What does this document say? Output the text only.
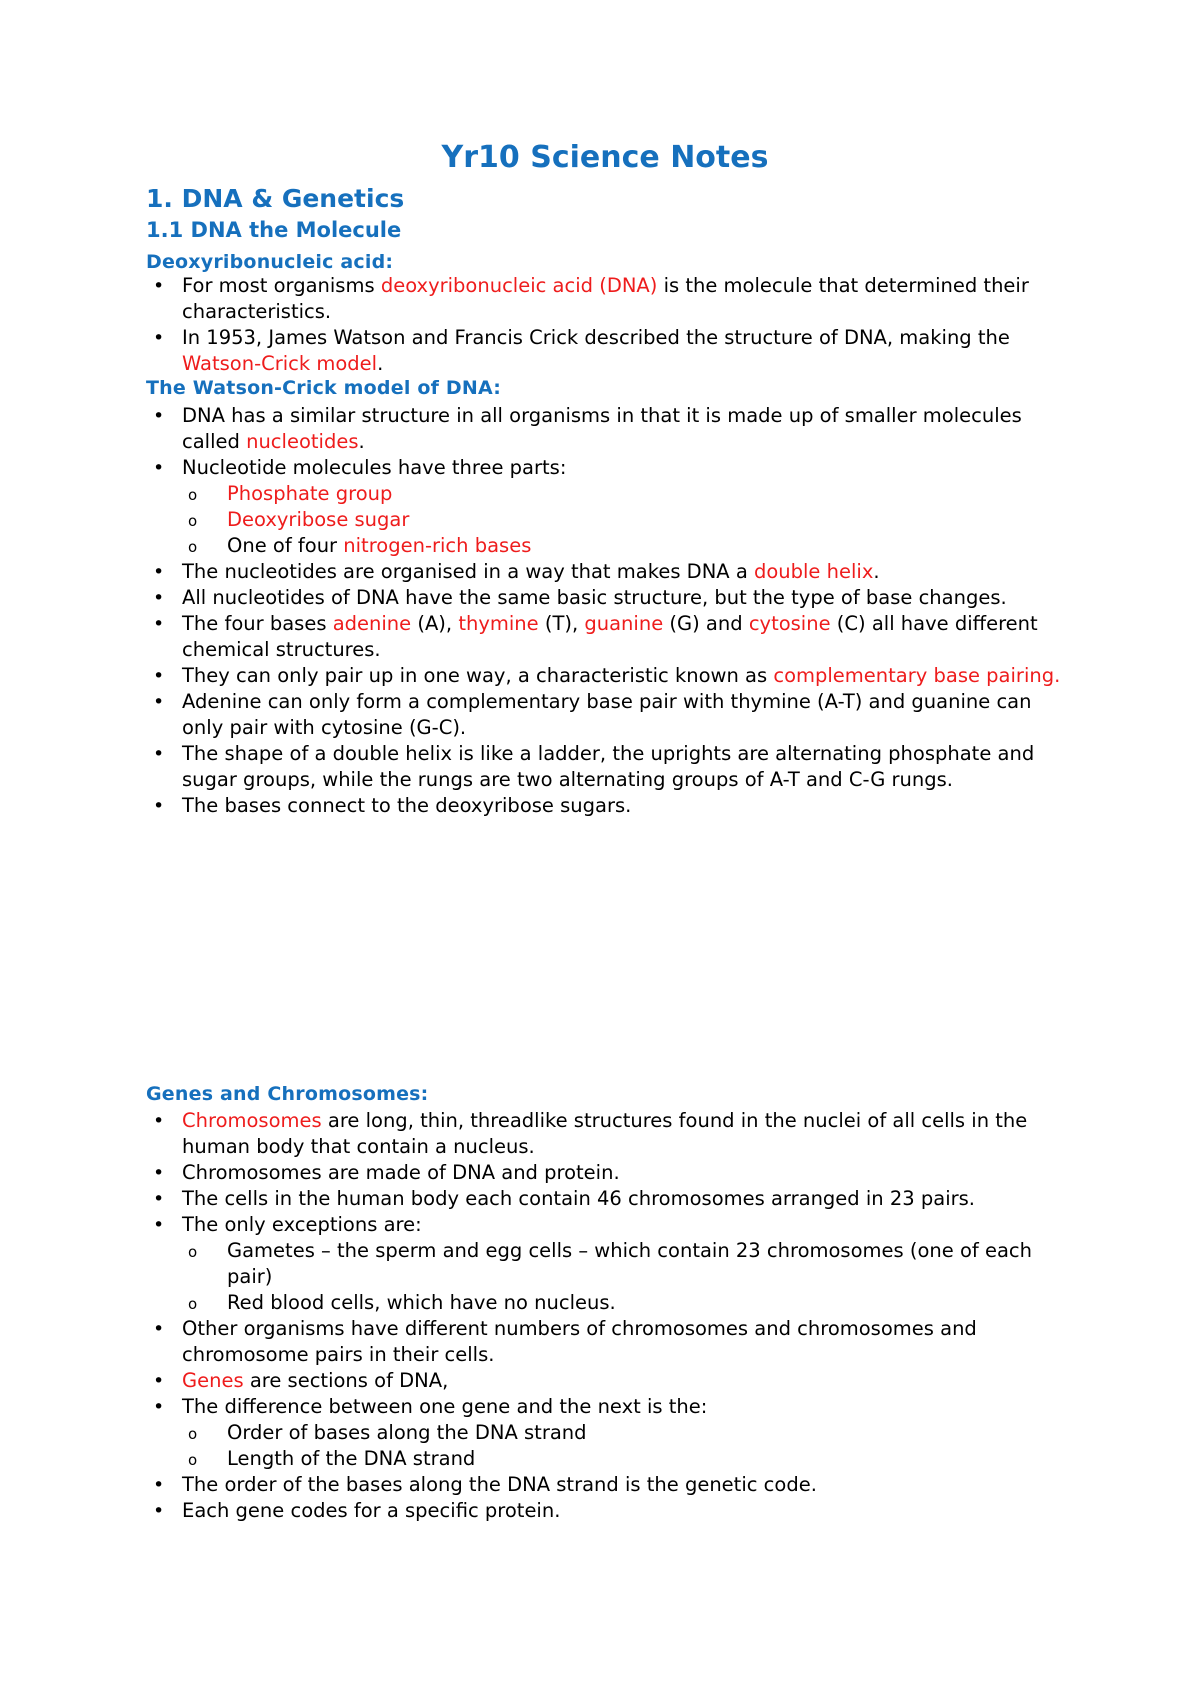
Yr10 Science Notes
1. DNA & Genetics
1.1 DNA the Molecule
Deoxyribonucleic acid:
• For most organisms deoxyribonucleic acid (DNA) is the molecule that determined their characteristics.
• In 1953, James Watson and Francis Crick described the structure of DNA, making the Watson-Crick model.
The Watson-Crick model of DNA:
• DNA has a similar structure in all organisms in that it is made up of smaller molecules called nucleotides.
• Nucleotide molecules have three parts:
o Phosphate group
o Deoxyribose sugar
o One of four nitrogen-rich bases
• The nucleotides are organised in a way that makes DNA a double helix.
• All nucleotides of DNA have the same basic structure, but the type of base changes.
• The four bases adenine (A), thymine (T), guanine (G) and cytosine (C) all have different chemical structures.
• They can only pair up in one way, a characteristic known as complementary base pairing.
• Adenine can only form a complementary base pair with thymine (A-T) and guanine can only pair with cytosine (G-C).
• The shape of a double helix is like a ladder, the uprights are alternating phosphate and sugar groups, while the rungs are two alternating groups of A-T and C-G rungs.
• The bases connect to the deoxyribose sugars.
Genes and Chromosomes:
• Chromosomes are long, thin, threadlike structures found in the nuclei of all cells in the human body that contain a nucleus.
• Chromosomes are made of DNA and protein.
• The cells in the human body each contain 46 chromosomes arranged in 23 pairs.
• The only exceptions are:
o Gametes – the sperm and egg cells – which contain 23 chromosomes (one of each pair)
o Red blood cells, which have no nucleus.
• Other organisms have different numbers of chromosomes and chromosomes and chromosome pairs in their cells.
• Genes are sections of DNA,
• The difference between one gene and the next is the:
o Order of bases along the DNA strand
o Length of the DNA strand
• The order of the bases along the DNA strand is the genetic code.
• Each gene codes for a specific protein.
